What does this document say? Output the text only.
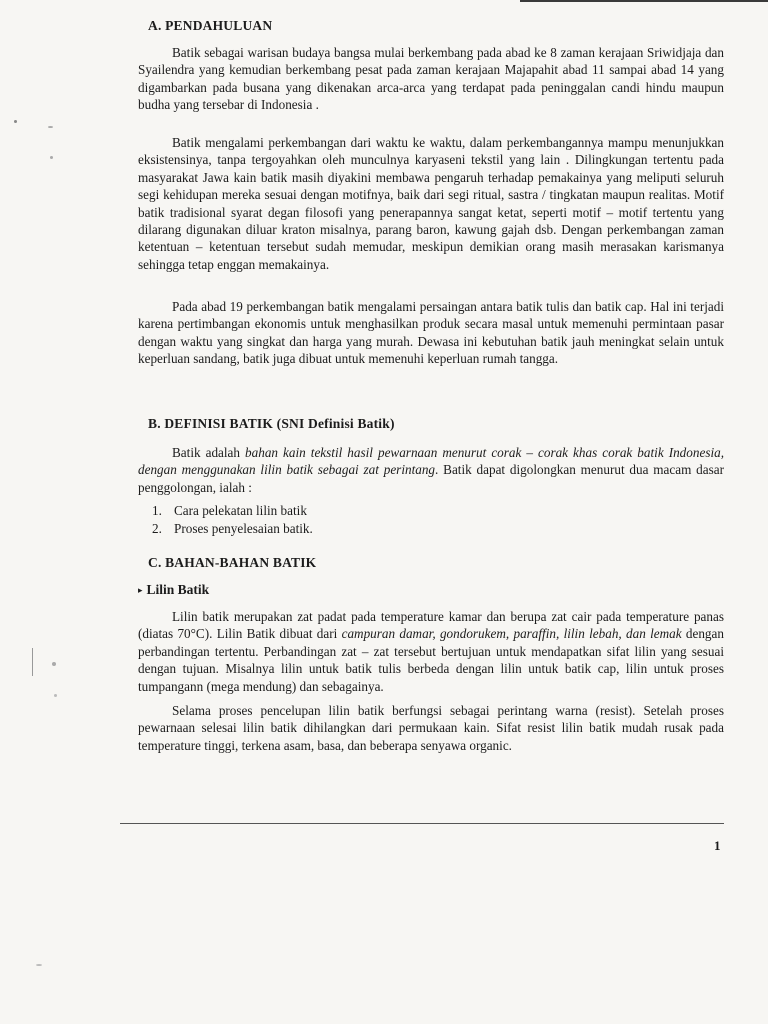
A. PENDAHULUAN

Batik sebagai warisan budaya bangsa mulai berkembang pada abad ke 8 zaman kerajaan Sriwidjaja dan Syailendra yang kemudian berkembang pesat pada zaman kerajaan Majapahit abad 11 sampai abad 14 yang digambarkan pada busana yang dikenakan arca-arca yang terdapat pada peninggalan candi hindu maupun budha yang tersebar di Indonesia .

Batik mengalami perkembangan dari waktu ke waktu, dalam perkembangannya mampu menunjukkan eksistensinya, tanpa tergoyahkan oleh munculnya karyaseni tekstil yang lain . Dilingkungan tertentu pada masyarakat Jawa kain batik masih diyakini membawa pengaruh terhadap pemakainya yang meliputi seluruh segi kehidupan mereka sesuai dengan motifnya, baik dari segi ritual, sastra / tingkatan maupun realitas. Motif batik tradisional syarat degan filosofi yang penerapannya sangat ketat, seperti motif – motif tertentu yang dilarang digunakan diluar kraton misalnya, parang baron, kawung gajah dsb. Dengan perkembangan zaman ketentuan – ketentuan tersebut sudah memudar, meskipun demikian orang masih merasakan karismanya sehingga tetap enggan memakainya.

Pada abad 19 perkembangan batik mengalami persaingan antara batik tulis dan batik cap. Hal ini terjadi karena pertimbangan ekonomis untuk menghasilkan produk secara masal untuk memenuhi permintaan pasar dengan waktu yang singkat dan harga yang murah. Dewasa ini kebutuhan batik jauh meningkat selain untuk keperluan sandang, batik juga dibuat untuk memenuhi keperluan rumah tangga.

B. DEFINISI BATIK (SNI Definisi Batik)

Batik adalah bahan kain tekstil hasil pewarnaan menurut corak – corak khas corak batik Indonesia, dengan menggunakan lilin batik sebagai zat perintang. Batik dapat digolongkan menurut dua macam dasar penggolongan, ialah :

1. Cara pelekatan lilin batik
2. Proses penyelesaian batik.
C. BAHAN-BAHAN BATIK
▸ Lilin Batik

Lilin batik merupakan zat padat pada temperature kamar dan berupa zat cair pada temperature panas (diatas 70°C). Lilin Batik dibuat dari campuran damar, gondorukem, paraffin, lilin lebah, dan lemak dengan perbandingan tertentu. Perbandingan zat – zat tersebut bertujuan untuk mendapatkan sifat lilin yang sesuai dengan tujuan. Misalnya lilin untuk batik tulis berbeda dengan lilin untuk batik cap, lilin untuk proses tumpangann (mega mendung) dan sebagainya.

Selama proses pencelupan lilin batik berfungsi sebagai perintang warna (resist). Setelah proses pewarnaan selesai lilin batik dihilangkan dari permukaan kain. Sifat resist lilin batik mudah rusak pada temperature tinggi, terkena asam, basa, dan beberapa senyawa organic.

1
